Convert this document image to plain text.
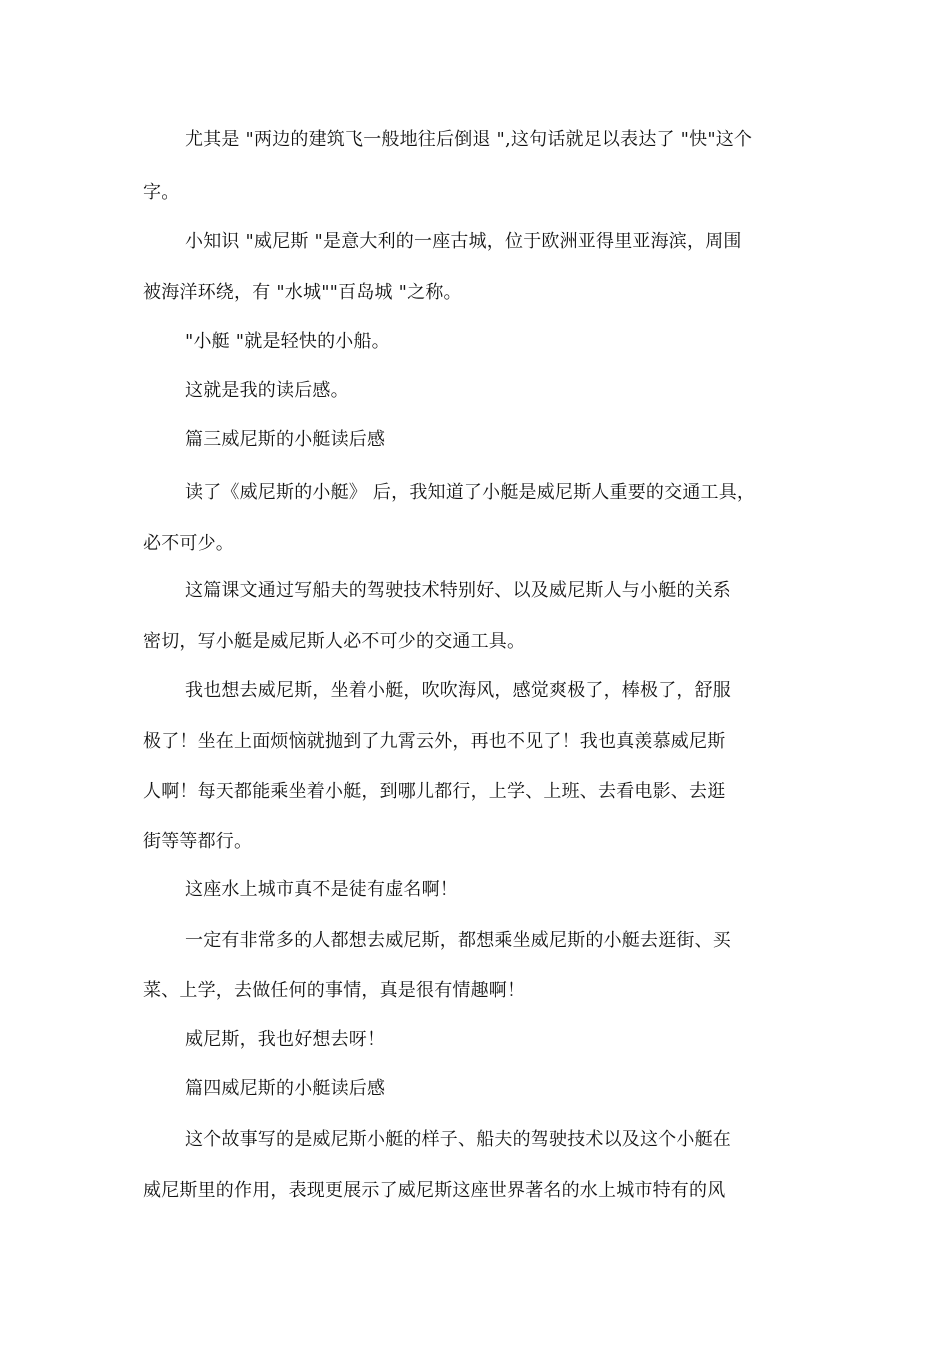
尤其是 "两边的建筑飞一般地往后倒退 ",这句话就足以表达了 "快"这个
字。
小知识 "威尼斯 "是意大利的一座古城，位于欧洲亚得里亚海滨，周围
被海洋环绕，有 "水城""百岛城 "之称。
"小艇 "就是轻快的小船。
这就是我的读后感。
篇三威尼斯的小艇读后感
读了《威尼斯的小艇》 后，我知道了小艇是威尼斯人重要的交通工具，
必不可少。
这篇课文通过写船夫的驾驶技术特别好、以及威尼斯人与小艇的关系
密切，写小艇是威尼斯人必不可少的交通工具。
我也想去威尼斯，坐着小艇，吹吹海风，感觉爽极了，棒极了，舒服
极了！坐在上面烦恼就抛到了九霄云外，再也不见了！我也真羡慕威尼斯
人啊！每天都能乘坐着小艇，到哪儿都行，上学、上班、去看电影、去逛
街等等都行。
这座水上城市真不是徒有虚名啊！
一定有非常多的人都想去威尼斯，都想乘坐威尼斯的小艇去逛街、买
菜、上学，去做任何的事情，真是很有情趣啊！
威尼斯，我也好想去呀！
篇四威尼斯的小艇读后感
这个故事写的是威尼斯小艇的样子、船夫的驾驶技术以及这个小艇在
威尼斯里的作用，表现更展示了威尼斯这座世界著名的水上城市特有的风
